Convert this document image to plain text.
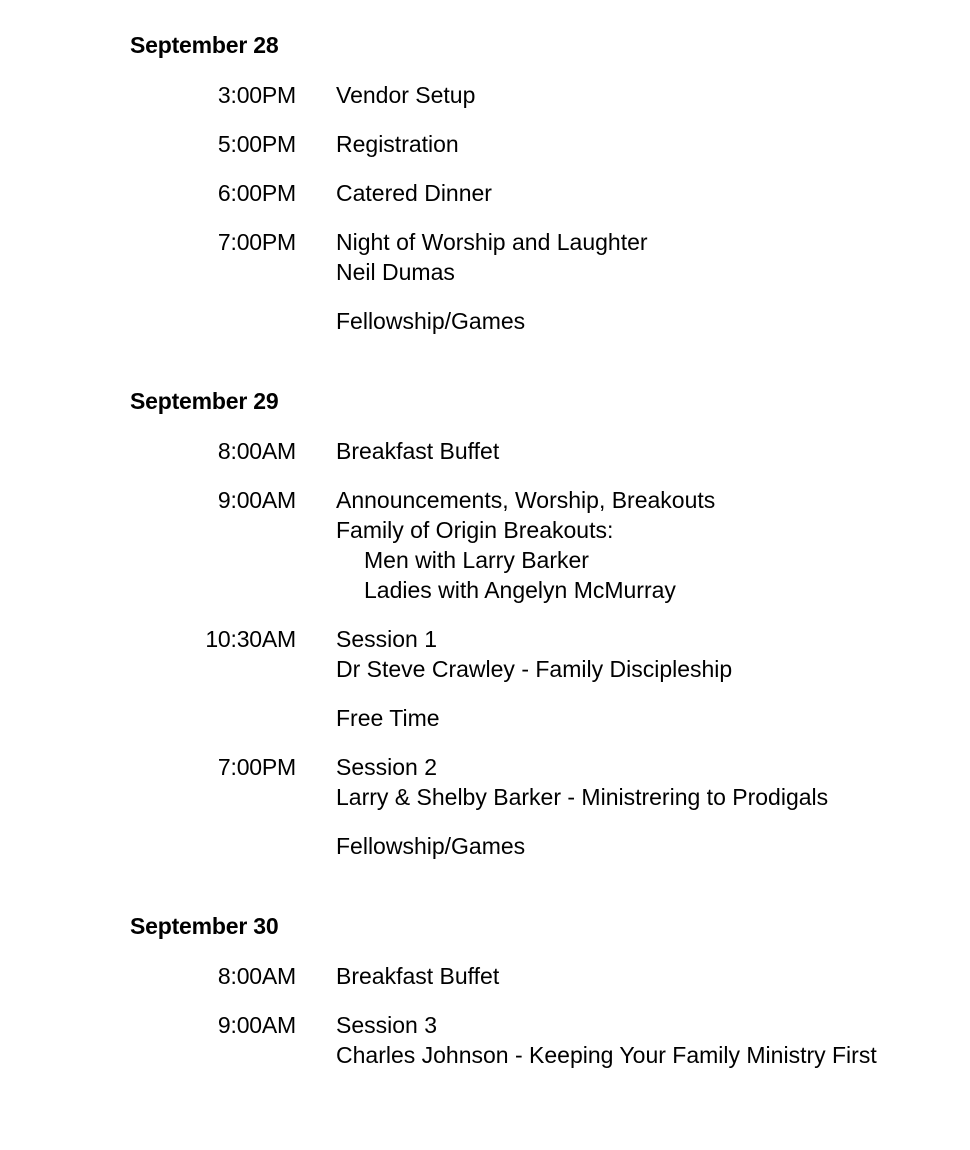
September 28
3:00PM Vendor Setup
5:00PM Registration
6:00PM Catered Dinner
7:00PM Night of Worship and Laughter
Neil Dumas
Fellowship/Games
September 29
8:00AM Breakfast Buffet
9:00AM Announcements, Worship, Breakouts
Family of Origin Breakouts:
Men with Larry Barker
Ladies with Angelyn McMurray
10:30AM Session 1
Dr Steve Crawley - Family Discipleship
Free Time
7:00PM Session 2
Larry & Shelby Barker - Ministrering to Prodigals
Fellowship/Games
September 30
8:00AM Breakfast Buffet
9:00AM Session 3
Charles Johnson - Keeping Your Family Ministry First
